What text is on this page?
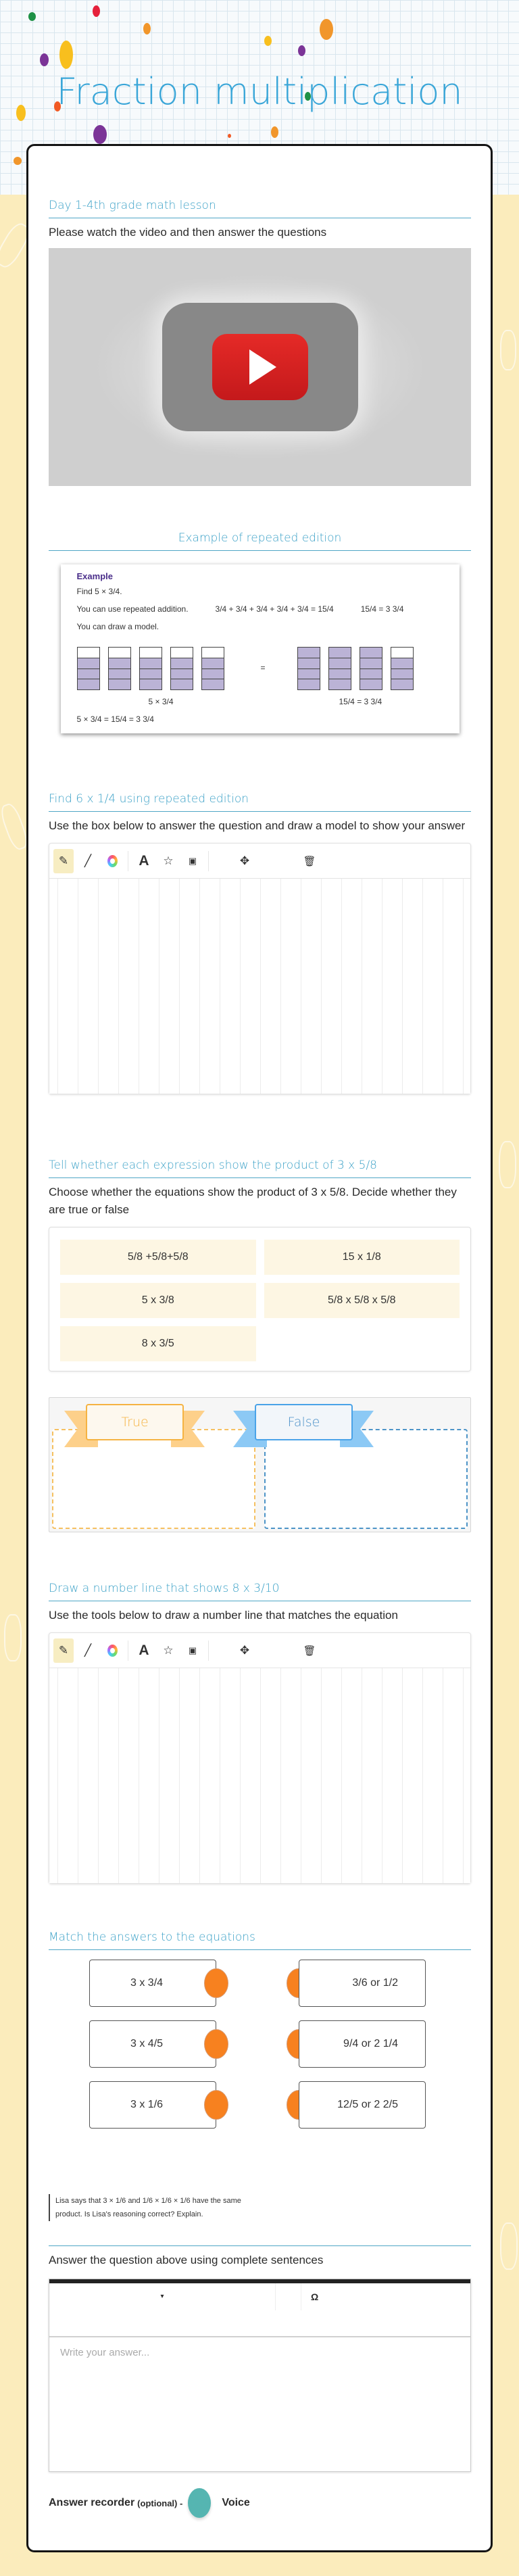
Fraction multiplication
Day 1-4th grade math lesson
Please watch the video and then answer the questions
Example of repeated edition
Example
Find 5 × 3/4.
You can use repeated addition.	3/4 + 3/4 + 3/4 + 3/4 + 3/4 = 15/4	15/4 = 3 3/4
You can draw a model.
=
5 × 3/4	15/4 = 3 3/4
5 × 3/4 = 15/4 = 3 3/4
Find 6 x 1/4 using repeated edition
Use the box below to answer the question and draw a model to show your answer
✎	╱	A	☆	▣	✥	🗑
Tell whether each expression show the product of 3 x 5/8
Choose whether the equations show the product of 3 x 5/8. Decide whether they are true or false
5/8 +5/8+5/8	15 x 1/8
5 x 3/8	5/8 x 5/8 x 5/8
8 x 3/5
True	False
Draw a number line that shows 8 x 3/10
Use the tools below to draw a number line that matches the equation
✎	╱	A	☆	▣	✥	🗑
Match the answers to the equations
3 x 3/4	3/6 or 1/2
3 x 4/5	9/4 or 2 1/4
3 x 1/6	12/5 or 2 2/5
Lisa says that 3 × 1/6 and 1/6 × 1/6 × 1/6 have the same
product. Is Lisa's reasoning correct? Explain.
Answer the question above using complete sentences
▾	Ω
Write your answer...
Answer recorder (optional) -	Voice
